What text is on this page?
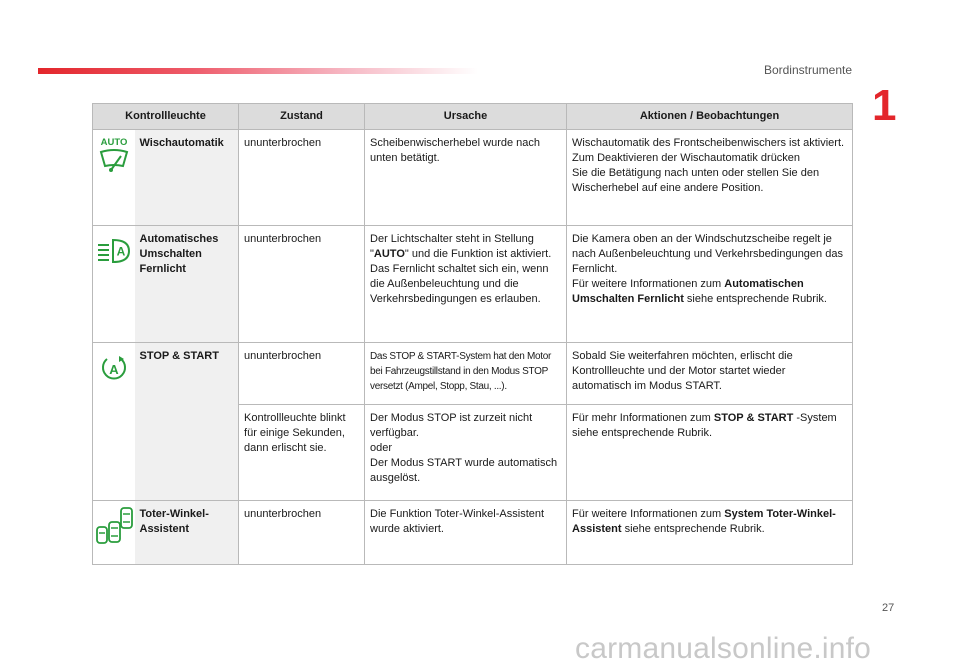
Bordinstrumente
1
Kontrollleuchte		Zustand	Ursache	Aktionen / Beobachtungen

AUTO	Wischautomatik	ununterbrochen	Scheibenwischerhebel wurde nach unten betätigt.	Wischautomatik des Frontscheibenwischers ist aktiviert.
Zum Deaktivieren der Wischautomatik drücken
Sie die Betätigung nach unten oder stellen Sie den Wischerhebel auf eine andere Position.

A	Automatisches Umschalten Fernlicht	ununterbrochen	Der Lichtschalter steht in Stellung "AUTO" und die Funktion ist aktiviert. Das Fernlicht schaltet sich ein, wenn die Außenbeleuchtung und die Verkehrsbedingungen es erlauben.	Die Kamera oben an der Windschutzscheibe regelt je nach Außenbeleuchtung und Verkehrsbedingungen das Fernlicht.
Für weitere Informationen zum Automatischen Umschalten Fernlicht siehe entsprechende Rubrik.

A	STOP & START	ununterbrochen	Das STOP & START-System hat den Motor bei Fahrzeugstillstand in den Modus STOP versetzt (Ampel, Stopp, Stau, ...).	Sobald Sie weiterfahren möchten, erlischt die Kontrollleuchte und der Motor startet wieder automatisch im Modus START.
		Kontrollleuchte blinkt für einige Sekunden, dann erlischt sie.	Der Modus STOP ist zurzeit nicht verfügbar.
oder
Der Modus START wurde automatisch ausgelöst.	Für mehr Informationen zum STOP & START -System siehe entsprechende Rubrik.
	Toter-Winkel-Assistent	ununterbrochen	Die Funktion Toter-Winkel-Assistent wurde aktiviert.	Für weitere Informationen zum System Toter-Winkel-Assistent siehe entsprechende Rubrik.
27
carmanualsonline.info
